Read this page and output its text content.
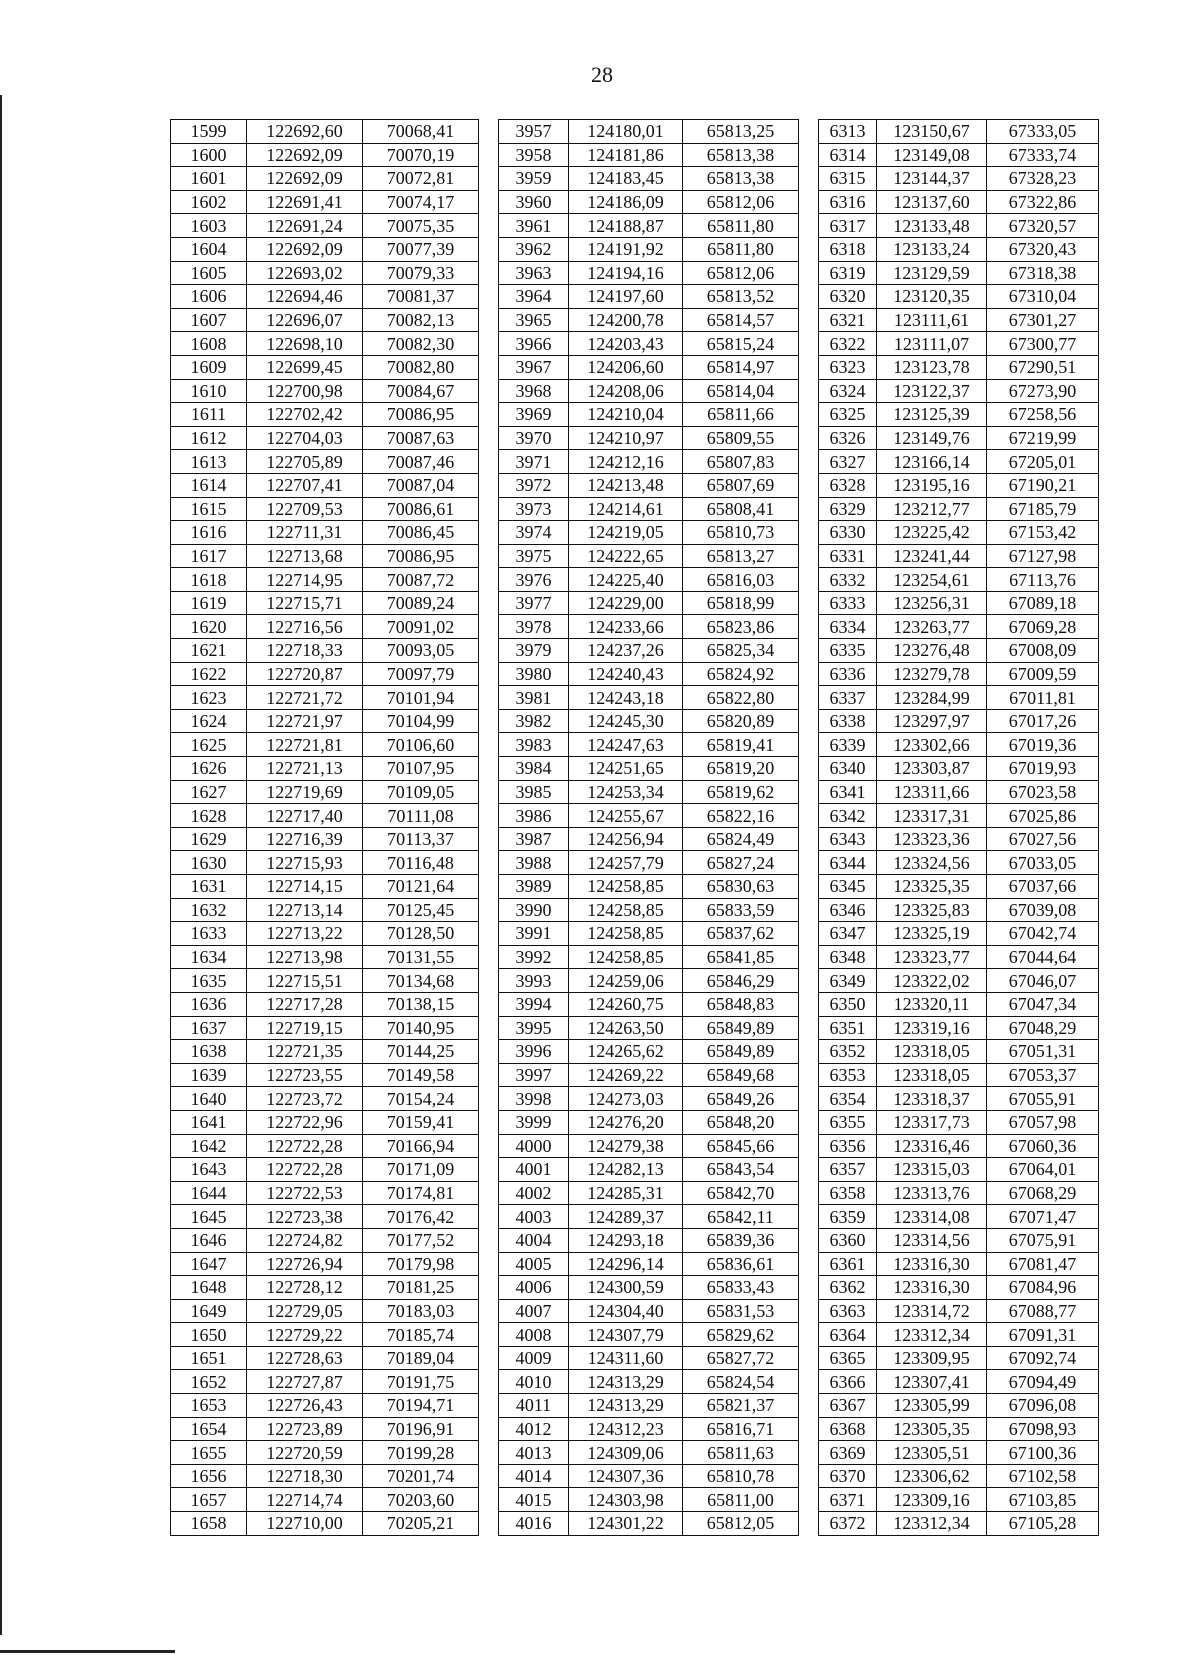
28
1599	122692,60	70068,41		3957	124180,01	65813,25		6313	123150,67	67333,05
1600	122692,09	70070,19		3958	124181,86	65813,38		6314	123149,08	67333,74
1601	122692,09	70072,81		3959	124183,45	65813,38		6315	123144,37	67328,23
1602	122691,41	70074,17		3960	124186,09	65812,06		6316	123137,60	67322,86
1603	122691,24	70075,35		3961	124188,87	65811,80		6317	123133,48	67320,57
1604	122692,09	70077,39		3962	124191,92	65811,80		6318	123133,24	67320,43
1605	122693,02	70079,33		3963	124194,16	65812,06		6319	123129,59	67318,38
1606	122694,46	70081,37		3964	124197,60	65813,52		6320	123120,35	67310,04
1607	122696,07	70082,13		3965	124200,78	65814,57		6321	123111,61	67301,27
1608	122698,10	70082,30		3966	124203,43	65815,24		6322	123111,07	67300,77
1609	122699,45	70082,80		3967	124206,60	65814,97		6323	123123,78	67290,51
1610	122700,98	70084,67		3968	124208,06	65814,04		6324	123122,37	67273,90
1611	122702,42	70086,95		3969	124210,04	65811,66		6325	123125,39	67258,56
1612	122704,03	70087,63		3970	124210,97	65809,55		6326	123149,76	67219,99
1613	122705,89	70087,46		3971	124212,16	65807,83		6327	123166,14	67205,01
1614	122707,41	70087,04		3972	124213,48	65807,69		6328	123195,16	67190,21
1615	122709,53	70086,61		3973	124214,61	65808,41		6329	123212,77	67185,79
1616	122711,31	70086,45		3974	124219,05	65810,73		6330	123225,42	67153,42
1617	122713,68	70086,95		3975	124222,65	65813,27		6331	123241,44	67127,98
1618	122714,95	70087,72		3976	124225,40	65816,03		6332	123254,61	67113,76
1619	122715,71	70089,24		3977	124229,00	65818,99		6333	123256,31	67089,18
1620	122716,56	70091,02		3978	124233,66	65823,86		6334	123263,77	67069,28
1621	122718,33	70093,05		3979	124237,26	65825,34		6335	123276,48	67008,09
1622	122720,87	70097,79		3980	124240,43	65824,92		6336	123279,78	67009,59
1623	122721,72	70101,94		3981	124243,18	65822,80		6337	123284,99	67011,81
1624	122721,97	70104,99		3982	124245,30	65820,89		6338	123297,97	67017,26
1625	122721,81	70106,60		3983	124247,63	65819,41		6339	123302,66	67019,36
1626	122721,13	70107,95		3984	124251,65	65819,20		6340	123303,87	67019,93
1627	122719,69	70109,05		3985	124253,34	65819,62		6341	123311,66	67023,58
1628	122717,40	70111,08		3986	124255,67	65822,16		6342	123317,31	67025,86
1629	122716,39	70113,37		3987	124256,94	65824,49		6343	123323,36	67027,56
1630	122715,93	70116,48		3988	124257,79	65827,24		6344	123324,56	67033,05
1631	122714,15	70121,64		3989	124258,85	65830,63		6345	123325,35	67037,66
1632	122713,14	70125,45		3990	124258,85	65833,59		6346	123325,83	67039,08
1633	122713,22	70128,50		3991	124258,85	65837,62		6347	123325,19	67042,74
1634	122713,98	70131,55		3992	124258,85	65841,85		6348	123323,77	67044,64
1635	122715,51	70134,68		3993	124259,06	65846,29		6349	123322,02	67046,07
1636	122717,28	70138,15		3994	124260,75	65848,83		6350	123320,11	67047,34
1637	122719,15	70140,95		3995	124263,50	65849,89		6351	123319,16	67048,29
1638	122721,35	70144,25		3996	124265,62	65849,89		6352	123318,05	67051,31
1639	122723,55	70149,58		3997	124269,22	65849,68		6353	123318,05	67053,37
1640	122723,72	70154,24		3998	124273,03	65849,26		6354	123318,37	67055,91
1641	122722,96	70159,41		3999	124276,20	65848,20		6355	123317,73	67057,98
1642	122722,28	70166,94		4000	124279,38	65845,66		6356	123316,46	67060,36
1643	122722,28	70171,09		4001	124282,13	65843,54		6357	123315,03	67064,01
1644	122722,53	70174,81		4002	124285,31	65842,70		6358	123313,76	67068,29
1645	122723,38	70176,42		4003	124289,37	65842,11		6359	123314,08	67071,47
1646	122724,82	70177,52		4004	124293,18	65839,36		6360	123314,56	67075,91
1647	122726,94	70179,98		4005	124296,14	65836,61		6361	123316,30	67081,47
1648	122728,12	70181,25		4006	124300,59	65833,43		6362	123316,30	67084,96
1649	122729,05	70183,03		4007	124304,40	65831,53		6363	123314,72	67088,77
1650	122729,22	70185,74		4008	124307,79	65829,62		6364	123312,34	67091,31
1651	122728,63	70189,04		4009	124311,60	65827,72		6365	123309,95	67092,74
1652	122727,87	70191,75		4010	124313,29	65824,54		6366	123307,41	67094,49
1653	122726,43	70194,71		4011	124313,29	65821,37		6367	123305,99	67096,08
1654	122723,89	70196,91		4012	124312,23	65816,71		6368	123305,35	67098,93
1655	122720,59	70199,28		4013	124309,06	65811,63		6369	123305,51	67100,36
1656	122718,30	70201,74		4014	124307,36	65810,78		6370	123306,62	67102,58
1657	122714,74	70203,60		4015	124303,98	65811,00		6371	123309,16	67103,85
1658	122710,00	70205,21		4016	124301,22	65812,05		6372	123312,34	67105,28
